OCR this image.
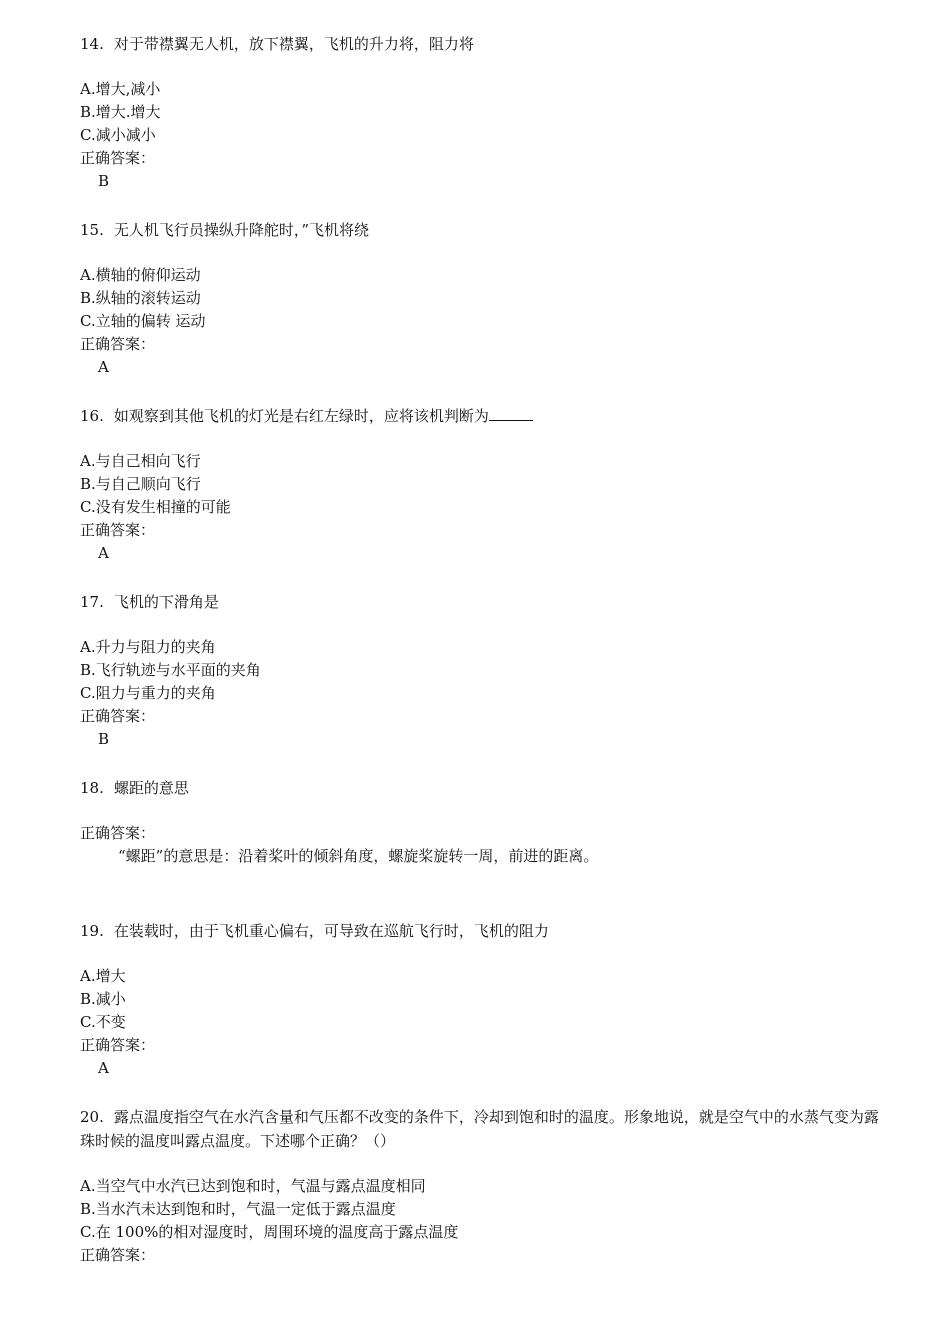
14. 对于带襟翼无人机，放下襟翼，飞机的升力将，阻力将

A.增大,减小

B.增大.增大

C.减小减小

正确答案：

B

15. 无人机飞行员操纵升降舵时，”飞机将绕

A.横轴的俯仰运动

B.纵轴的滚转运动

C.立轴的偏转 运动

正确答案：

A

16. 如观察到其他飞机的灯光是右红左绿时，应将该机判断为

A.与自己相向飞行

B.与自己顺向飞行

C.没有发生相撞的可能

正确答案：

A

17. 飞机的下滑角是

A.升力与阻力的夹角

B.飞行轨迹与水平面的夹角

C.阻力与重力的夹角

正确答案：

B

18. 螺距的意思

正确答案：

“螺距”的意思是：沿着桨叶的倾斜角度，螺旋桨旋转一周，前进的距离。

19. 在装载时，由于飞机重心偏右，可导致在巡航飞行时，飞机的阻力

A.增大

B.减小

C.不变

正确答案：

A

20. 露点温度指空气在水汽含量和气压都不改变的条件下，冷却到饱和时的温度。形象地说，就是空气中的水蒸气变为露珠时候的温度叫露点温度。下述哪个正确？（）

A.当空气中水汽已达到饱和时，气温与露点温度相同

B.当水汽未达到饱和时，气温一定低于露点温度

C.在 100%的相对湿度时，周围环境的温度高于露点温度

正确答案：
